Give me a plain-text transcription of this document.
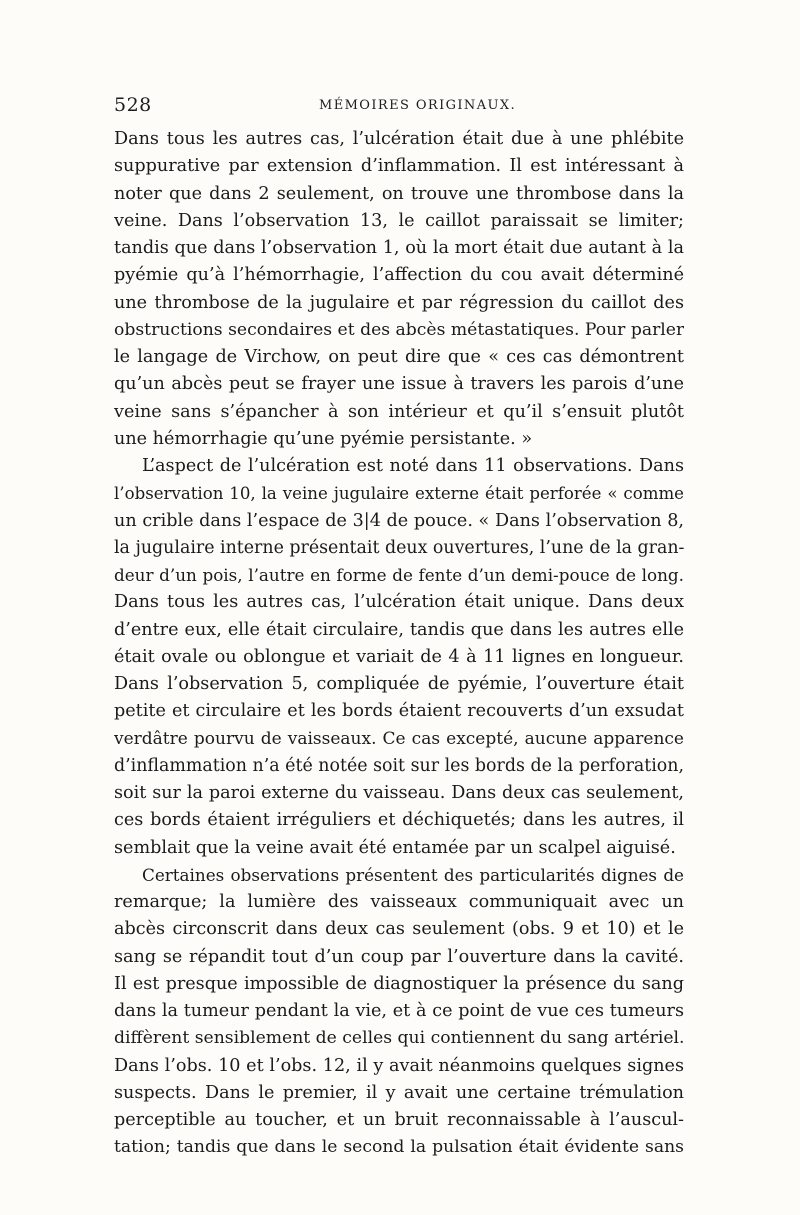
528	MÉMOIRES ORIGINAUX.
Dans tous les autres cas, l’ulcération était due à une phlébite
suppurative par extension d’inflammation. Il est intéressant à
noter que dans 2 seulement, on trouve une thrombose dans la
veine. Dans l’observation 13, le caillot paraissait se limiter;
tandis que dans l’observation 1, où la mort était due autant à la
pyémie qu’à l’hémorrhagie, l’affection du cou avait déterminé
une thrombose de la jugulaire et par régression du caillot des
obstructions secondaires et des abcès métastatiques. Pour parler
le langage de Virchow, on peut dire que « ces cas démontrent
qu’un abcès peut se frayer une issue à travers les parois d’une
veine sans s’épancher à son intérieur et qu’il s’ensuit plutôt
une hémorrhagie qu’une pyémie persistante. »
L’aspect de l’ulcération est noté dans 11 observations. Dans
l’observation 10, la veine jugulaire externe était perforée « comme
un crible dans l’espace de 3|4 de pouce. « Dans l’observation 8,
la jugulaire interne présentait deux ouvertures, l’une de la gran-
deur d’un pois, l’autre en forme de fente d’un demi-pouce de long.
Dans tous les autres cas, l’ulcération était unique. Dans deux
d’entre eux, elle était circulaire, tandis que dans les autres elle
était ovale ou oblongue et variait de 4 à 11 lignes en longueur.
Dans l’observation 5, compliquée de pyémie, l’ouverture était
petite et circulaire et les bords étaient recouverts d’un exsudat
verdâtre pourvu de vaisseaux. Ce cas excepté, aucune apparence
d’inflammation n’a été notée soit sur les bords de la perforation,
soit sur la paroi externe du vaisseau. Dans deux cas seulement,
ces bords étaient irréguliers et déchiquetés; dans les autres, il
semblait que la veine avait été entamée par un scalpel aiguisé.
Certaines observations présentent des particularités dignes de
remarque; la lumière des vaisseaux communiquait avec un
abcès circonscrit dans deux cas seulement (obs. 9 et 10) et le
sang se répandit tout d’un coup par l’ouverture dans la cavité.
Il est presque impossible de diagnostiquer la présence du sang
dans la tumeur pendant la vie, et à ce point de vue ces tumeurs
diffèrent sensiblement de celles qui contiennent du sang artériel.
Dans l’obs. 10 et l’obs. 12, il y avait néanmoins quelques signes
suspects. Dans le premier, il y avait une certaine trémulation
perceptible au toucher, et un bruit reconnaissable à l’auscul-
tation; tandis que dans le second la pulsation était évidente sans
